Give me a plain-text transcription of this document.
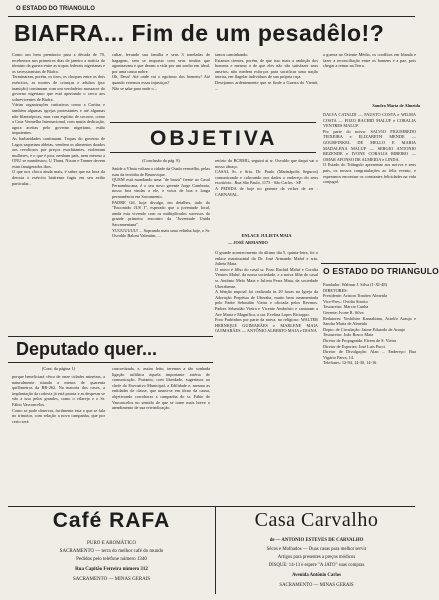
O ESTADO DO TRIANGULO
BIAFRA... Fim de um pesadêlo!?
Como um bem prenúncio para a década de 70, recebemos nos primeiros dias de janeiro a notícia do término da guerra entre as tropas federais nigerianas e os secessionistas de Biafra.
Terminaram, porém, os tiros, os choques entre os dois exércitos, as mortes de crianças e adultos (por inanição) continuam com um verdadeiro massacre do governo nigeriano que está apertando o cerco aos sobreviventes de Biafra.
Várias organizações caritativas como a Caritas e também algumas igrejas protestantes e até algumas não-filantrópicas, mas com espírito de socorro, como a Cruz Vermelha Internacional, com muita dedicação, agora aceitas pelo governo nigeriano, estão impotentes.
As barbaridades continuam. Tropas do governo de Lagos saqueiam aldeias, vendem os alimentos doados aos revoltosos por preços exorbitantes, violentam mulheres, e o que é pior, nenhum país, nem mesmo a ONU se manifestou, U Thant, Nixon e Tanner devem estar famigerados ibos.
O que nos choca ainda mais, é saber que na hora da derrota o exército biafrense fugiu em seu avião particular...
cultar, levando sua família e seus 3 toneladas de bagagem, sem se importar com seus irmãos que agonizavam e que deram a vida por um sonho em ideal, por uma causa nobre.
Oh, Deus! Até onde vai o egoísmo dos homens? Até quando veremos essas injustiças?
Não se sabe para onde o...
tamos caminhando.
Estamos cientes, porém, de que isso mais a ambição dos homens e mesmo a de que eles não são satisfazer seus anseios, não medem esforços para sacrificar uma nação inteira, em flagelar indivíduos de sua própria raça.
Desejamos ardentemente que se finde a Guerra do Vietnã, ...
a guerra no Oriente Médio, os conflitos em Irlanda e fazer a reconciliação entre os homens e a paz, pois chegar a reinar na Terra.
Sandra Maria de Almeida
OBJETIVA
(Conclusão da pág. 8)
Saúde a Vânia voltam a cidade da Ouala vermelho, pelas ruas da terrinha de Brunsvique.
QUEM está mandando uma "de braza" frente ao Casal Pernambucana, é o seu novo gerente Jorge Cambraia, nosso boa vindas a ele, e votos de boa e longa permanência em Sacramento.
PADRE Gil, hoje divulga, em detalhes, tudo do "Encontrão JUS I", esperado que a juventude local, ainda esta vivendo com os múltiplicados sucessos do grande primeiro encontro da "Juventude Unida Sacramentana".
YUUUUUUU! ... Soprando mais uma velinha hoje, o Sr. Osvaldo Baloni Valentim, ...
retório do BCRMG, seguirá ai sr. Osvaldo que daqui vai o nosso abraço.
CASAL Sr. e Srta. Dr. Paulo (Marinápolis Seguros) comunicando e colocando nos dados o endereço do seus escritório.. Rua São Paulo, 1175 - São Carlos - SP.
A PEDIDA de hoje no gerente da vicker de ser : CARNAVAL.
ENLACE JULIETA MAIA
— JOSÉ ARMANDO
O grande acontecimento do último dia 5, quinta-feira, foi o enlace matrimonial do Dr. José Armando Maluf e srta. Julieta Maia.
O noivo é filho do casal sr. Fozo Rachid Maluf e Coralia Ventres Maluf, da nossa sociedade, e a noiva filha do casal sr. Antônio Melo Maia e Julieta Ferra Maia, da sociedade Uberabense.
A bênção nupcial foi realizada às 20 horas na Igreja da Adoração Perpétua de Uberaba, muito bem ornamentada pelo Padre Sebastião Vieira e oficiada pelos Revmos. Padres Sebastião Vieira e Vicente Ambrósio e cantaram a Ave Maria e Magnífica, a sra. Evelina Lopes Ricioppo.
Foro Padrinhos por parte da noiva, no religioso: WALTER HERNIQUE GUIMARÃES e MARLENE MAIA GUIMARÃES — ANTÔNIO ALBERTO MAIA e DIANA
DALVA CATALDI — FAUSTO COSTA e WILMA COSTA — FOZO RACHID MALUF e CORALIA VENTRES MALUF.
Por parte do noivo: SALVIO FIGUEIREDO TEIXEIRA e ELIZABETH MENDE — GOURFINKEL DE MELLO E MARIA MADALENA MALUF — SERGIO ANTONIO REZENDE e IVONE CORALIA RIBEIRO — OMAR AFONSO DE ALMEIDA e LINDA.
O Estado do Triângulo apresentar aos noivos e seus pais, os nossos congratulações ao feliz evento, e esperamos encontrar os constantes felicidades na vida conjugal.
O ESTADO DO TRIANGULO
Fundador: Walmur J. Silva (1-XI-48)
DIRETORES:
Presidente: Ariston Timóteo Almeida
Vice-Pres.: Ovídio Sirotto
Tesoureiro: Marcio Cunha
Gerente: Ivone R. Silva
Redatores: Yoshihiro Kanashima, Astolfo Araujo e Sandra Maria de Almeida
Depto. de Circulação: Jaime Eduardo de Araujo
Tesoureiro: João Bosco Maia
Diretor de Propaganda: Efrem de S. Vieira
Diretor de Esportes: José Luis Pucci
Diretor de Divulgação: Alan ... Endereço: Rua Vigário Paiva, 14.
Telefones: 12-94, 14-30, 14-16
Deputado quer...
(Cont. da página 1)
porque beneficiará cêrca de onze cidades mineiras, a naturalmente situada a menos de quarenta quilômetros da BR-262. Na maioria dos casos, a implantação da rodovia já está pronta e as despesas se vão a isso pelos grandes, como o vilarejo e o Sr. Fábio Vasconcelos.
Como se pode observar, facilmente esta o que se fala no trimotor, com relação a nova campanha, que por certo será
concretizada, e, assim feito, teremos a tão sonhada ligação asfáltica àquela importante artéria de comunicação. Portanto, com liberdade, sugerimos ao chefe do Executivo Municipal, a Edilidade e, mesmo as entidades de classe, que unam-se em tôrno da causa, objetivando corroborar a campanha do sr. Fábio de Vasconcelos no sentido de que se torne mais breve o atendimento de sua reivindicação.
Café RAFA
PURO E AROMÁTICO
SACRAMENTO — terra do melhor café do mundo
Pedidos pelo telefone número 1340
Rua Capitão Ferreira número 312
SACRAMENTO — MINAS GERAIS
Casa Carvalho
de — ANTONIO ESTEVES DE CARVALHO
Sêcos e Molhados — Duas casas para melhor servir
Artigos para presentes a preços módicos
DISQUE: 14-13 e espere "A JATO" suas compras
Avenida Antônio Carlos
SACRAMENTO — MINAS GERAIS
